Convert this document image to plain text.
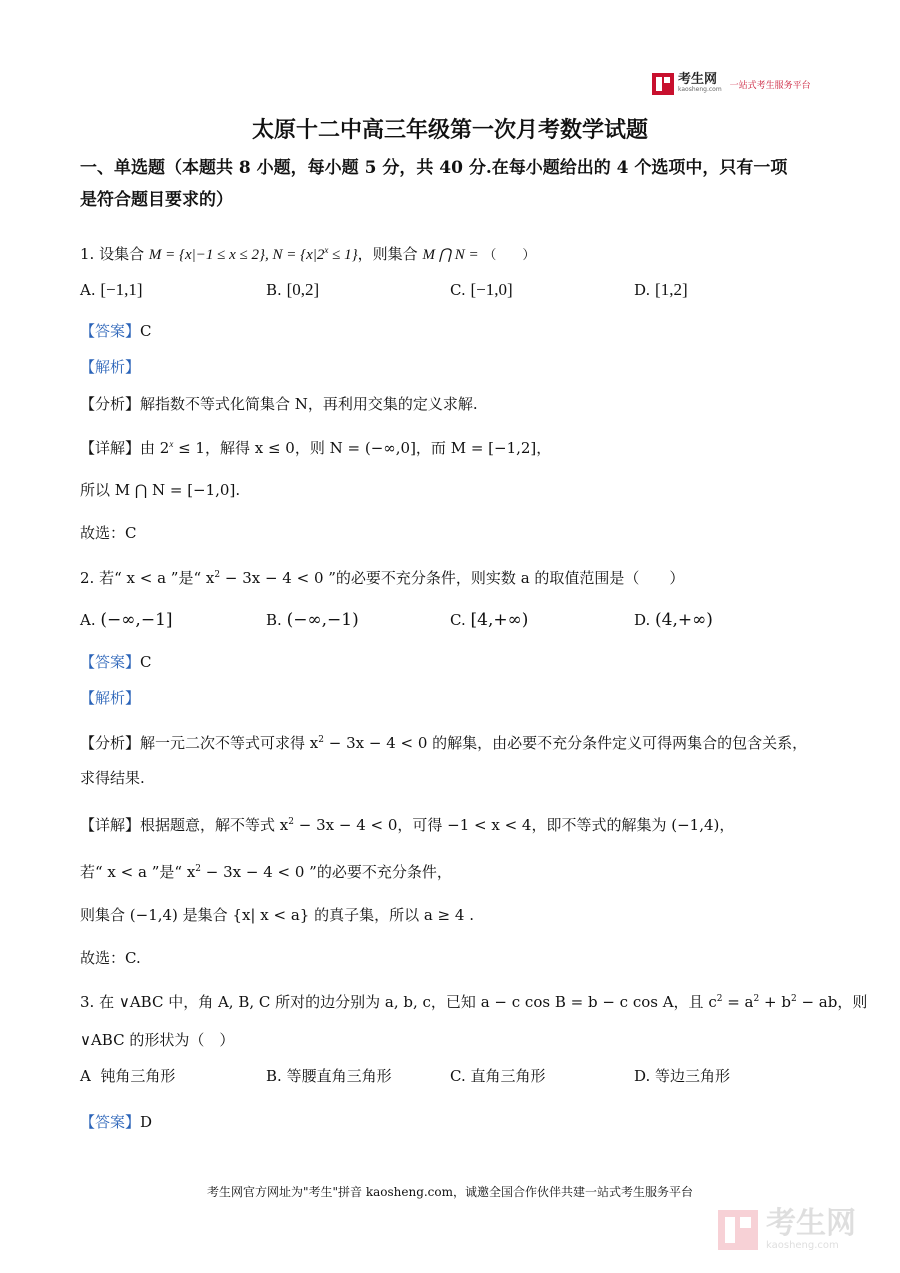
考生网
kaosheng.com 一站式考生服务平台
太原十二中高三年级第一次月考数学试题
一、单选题（本题共 8 小题，每小题 5 分，共 40 分.在每小题给出的 4 个选项中，只有一项
是符合题目要求的）
1. 设集合 M = {x|−1 ≤ x ≤ 2}, $N = \{x|2^x \le 1\}$，则集合 M ⋂ N = （　　）
A. [−1,1]	B. [0,2]	C. [−1,0]	D. [1,2]
【答案】C
【解析】
【分析】解指数不等式化简集合 N，再利用交集的定义求解.
【详解】由 $2^x \le 1$，解得 x ≤ 0，则 N = (−∞,0]，而 M = [−1,2]，
所以 M ⋂ N = [−1,0].
故选：C
2. 若“ x < a ”是“ $x^2 - 3x - 4 < 0$ ”的必要不充分条件，则实数 a 的取值范围是（　　）
A. (−∞,−1]	B. (−∞,−1)	C. [4,+∞)	D. (4,+∞)
【答案】C
【解析】
【分析】解一元二次不等式可求得 $x^2 - 3x - 4 < 0$ 的解集，由必要不充分条件定义可得两集合的包含关系，
求得结果.
【详解】根据题意，解不等式 $x^2 - 3x - 4 < 0$，可得 −1 < x < 4，即不等式的解集为 (−1,4)，
若“ x < a ”是“ $x^2 - 3x - 4 < 0$ ”的必要不充分条件，
则集合 (−1,4) 是集合 {x| x < a} 的真子集，所以 a ≥ 4 .
故选：C.
3. 在 ∨ABC 中，角 A, B, C 所对的边分别为 a, b, c，已知 a − c cos B = b − c cos A，且 $c^2 = a^2 + b^2$ − ab，则
∨ABC 的形状为（　）
A 钝角三角形	B. 等腰直角三角形	C. 直角三角形	D. 等边三角形
【答案】D
考生网官方网址为"考生"拼音 kaosheng.com，诚邀全国合作伙伴共建一站式考生服务平台
考生网
kaosheng.com
